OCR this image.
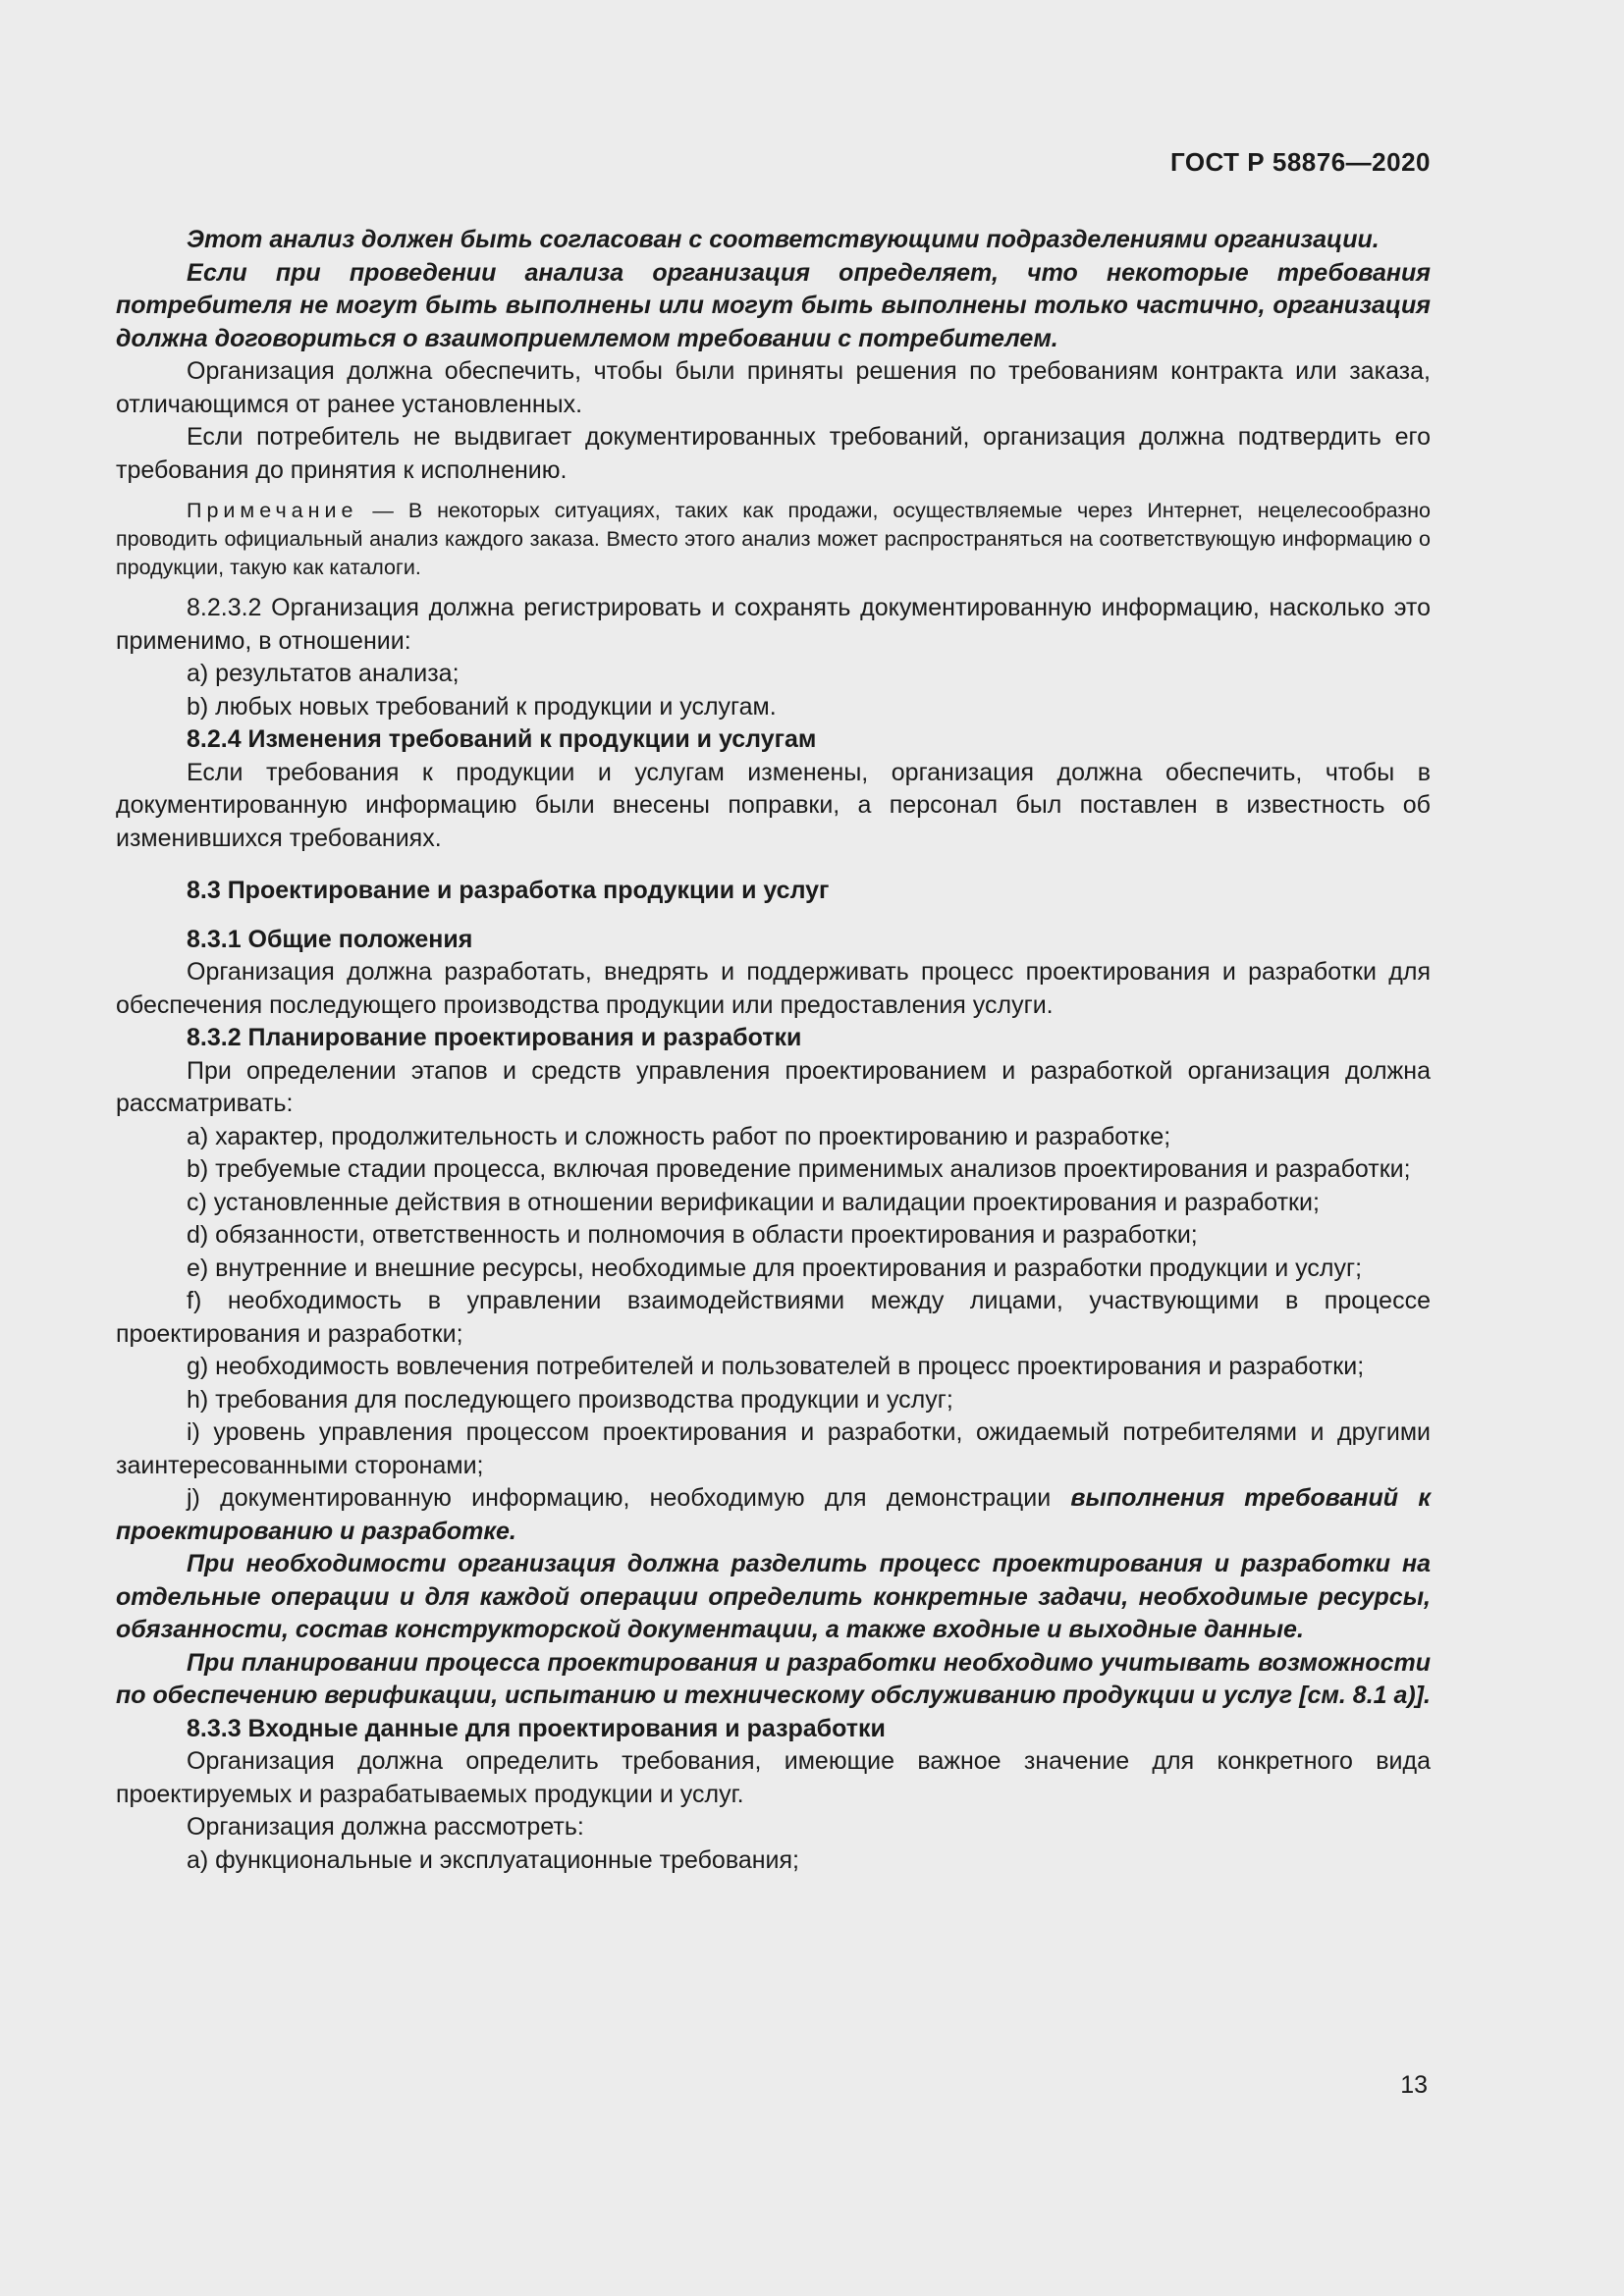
ГОСТ Р 58876—2020

Этот анализ должен быть согласован с соответствующими подразделениями организации.

Если при проведении анализа организация определяет, что некоторые требования потребителя не могут быть выполнены или могут быть выполнены только частично, организация должна договориться о взаимоприемлемом требовании с потребителем.

Организация должна обеспечить, чтобы были приняты решения по требованиям контракта или заказа, отличающимся от ранее установленных.

Если потребитель не выдвигает документированных требований, организация должна подтвердить его требования до принятия к исполнению.

Примечание — В некоторых ситуациях, таких как продажи, осуществляемые через Интернет, нецелесообразно проводить официальный анализ каждого заказа. Вместо этого анализ может распространяться на соответствующую информацию о продукции, такую как каталоги.

8.2.3.2 Организация должна регистрировать и сохранять документированную информацию, насколько это применимо, в отношении:

а) результатов анализа;

b) любых новых требований к продукции и услугам.

8.2.4 Изменения требований к продукции и услугам

Если требования к продукции и услугам изменены, организация должна обеспечить, чтобы в документированную информацию были внесены поправки, а персонал был поставлен в известность об изменившихся требованиях.

8.3 Проектирование и разработка продукции и услуг

8.3.1 Общие положения

Организация должна разработать, внедрять и поддерживать процесс проектирования и разработки для обеспечения последующего производства продукции или предоставления услуги.

8.3.2 Планирование проектирования и разработки

При определении этапов и средств управления проектированием и разработкой организация должна рассматривать:

а) характер, продолжительность и сложность работ по проектированию и разработке;

b) требуемые стадии процесса, включая проведение применимых анализов проектирования и разработки;

c) установленные действия в отношении верификации и валидации проектирования и разработки;

d) обязанности, ответственность и полномочия в области проектирования и разработки;

e) внутренние и внешние ресурсы, необходимые для проектирования и разработки продукции и услуг;

f) необходимость в управлении взаимодействиями между лицами, участвующими в процессе проектирования и разработки;

g) необходимость вовлечения потребителей и пользователей в процесс проектирования и разработки;

h) требования для последующего производства продукции и услуг;

i) уровень управления процессом проектирования и разработки, ожидаемый потребителями и другими заинтересованными сторонами;

j) документированную информацию, необходимую для демонстрации выполнения требований к проектированию и разработке.

При необходимости организация должна разделить процесс проектирования и разработки на отдельные операции и для каждой операции определить конкретные задачи, необходимые ресурсы, обязанности, состав конструкторской документации, а также входные и выходные данные.

При планировании процесса проектирования и разработки необходимо учитывать возможности по обеспечению верификации, испытанию и техническому обслуживанию продукции и услуг [см. 8.1 а)].

8.3.3 Входные данные для проектирования и разработки

Организация должна определить требования, имеющие важное значение для конкретного вида проектируемых и разрабатываемых продукции и услуг.

Организация должна рассмотреть:

а) функциональные и эксплуатационные требования;

13
